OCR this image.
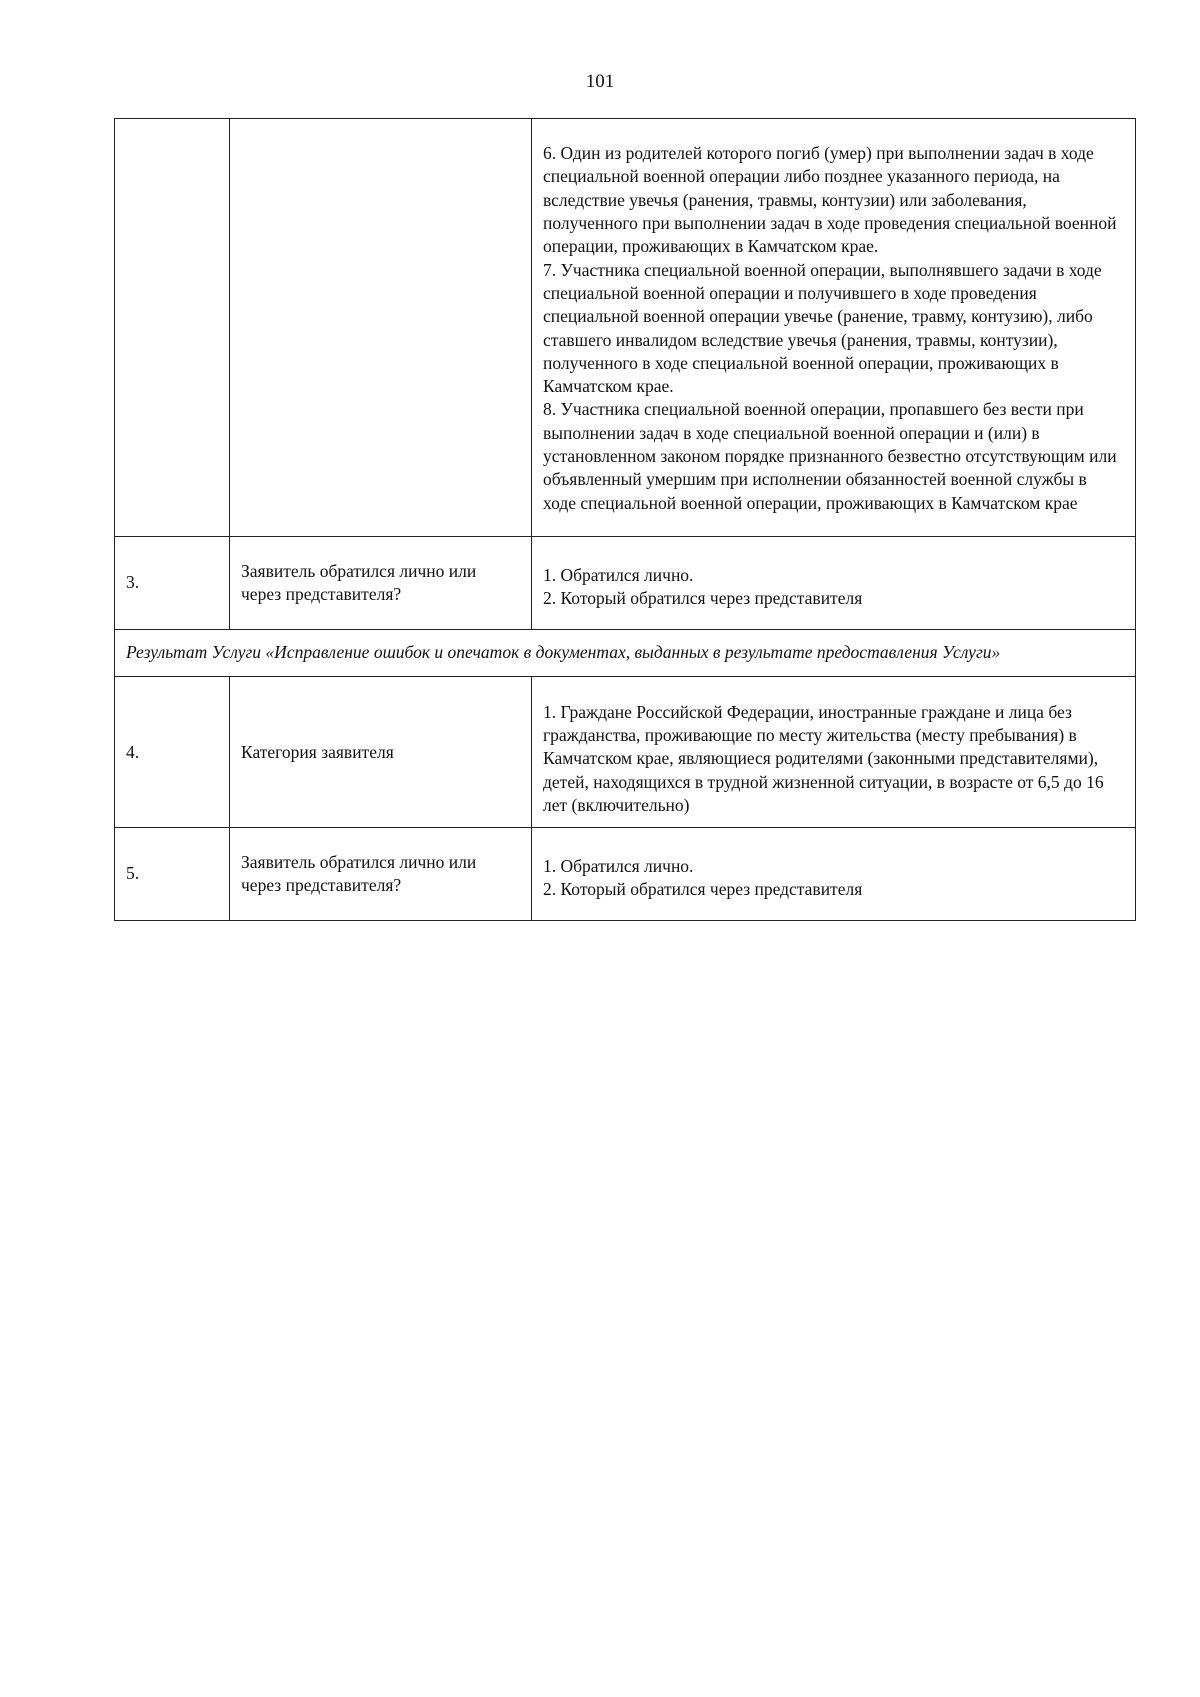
101

		6. Один из родителей которого погиб (умер) при выполнении задач в ходе специальной военной операции либо позднее указанного периода, на вследствие увечья (ранения, травмы, контузии) или заболевания, полученного при выполнении задач в ходе проведения специальной военной операции, проживающих в Камчатском крае.
7. Участника специальной военной операции, выполнявшего задачи в ходе специальной военной операции и получившего в ходе проведения специальной военной операции увечье (ранение, травму, контузию), либо ставшего инвалидом вследствие увечья (ранения, травмы, контузии), полученного в ходе специальной военной операции, проживающих в Камчатском крае.
8. Участника специальной военной операции, пропавшего без вести при выполнении задач в ходе специальной военной операции и (или) в установленном законом порядке признанного безвестно отсутствующим или объявленный умершим при исполнении обязанностей военной службы в ходе специальной военной операции, проживающих в Камчатском крае

3.	Заявитель обратился лично или через представителя?	1. Обратился лично.
2. Который обратился через представителя

Результат Услуги «Исправление ошибок и опечаток в документах, выданных в результате предоставления Услуги»		
4.	Категория заявителя	1. Граждане Российской Федерации, иностранные граждане и лица без гражданства, проживающие по месту жительства (месту пребывания) в Камчатском крае, являющиеся родителями (законными представителями), детей, находящихся в трудной жизненной ситуации, в возрасте от 6,5 до 16 лет (включительно)

5.	Заявитель обратился лично или через представителя?	1. Обратился лично.
2. Который обратился через представителя
